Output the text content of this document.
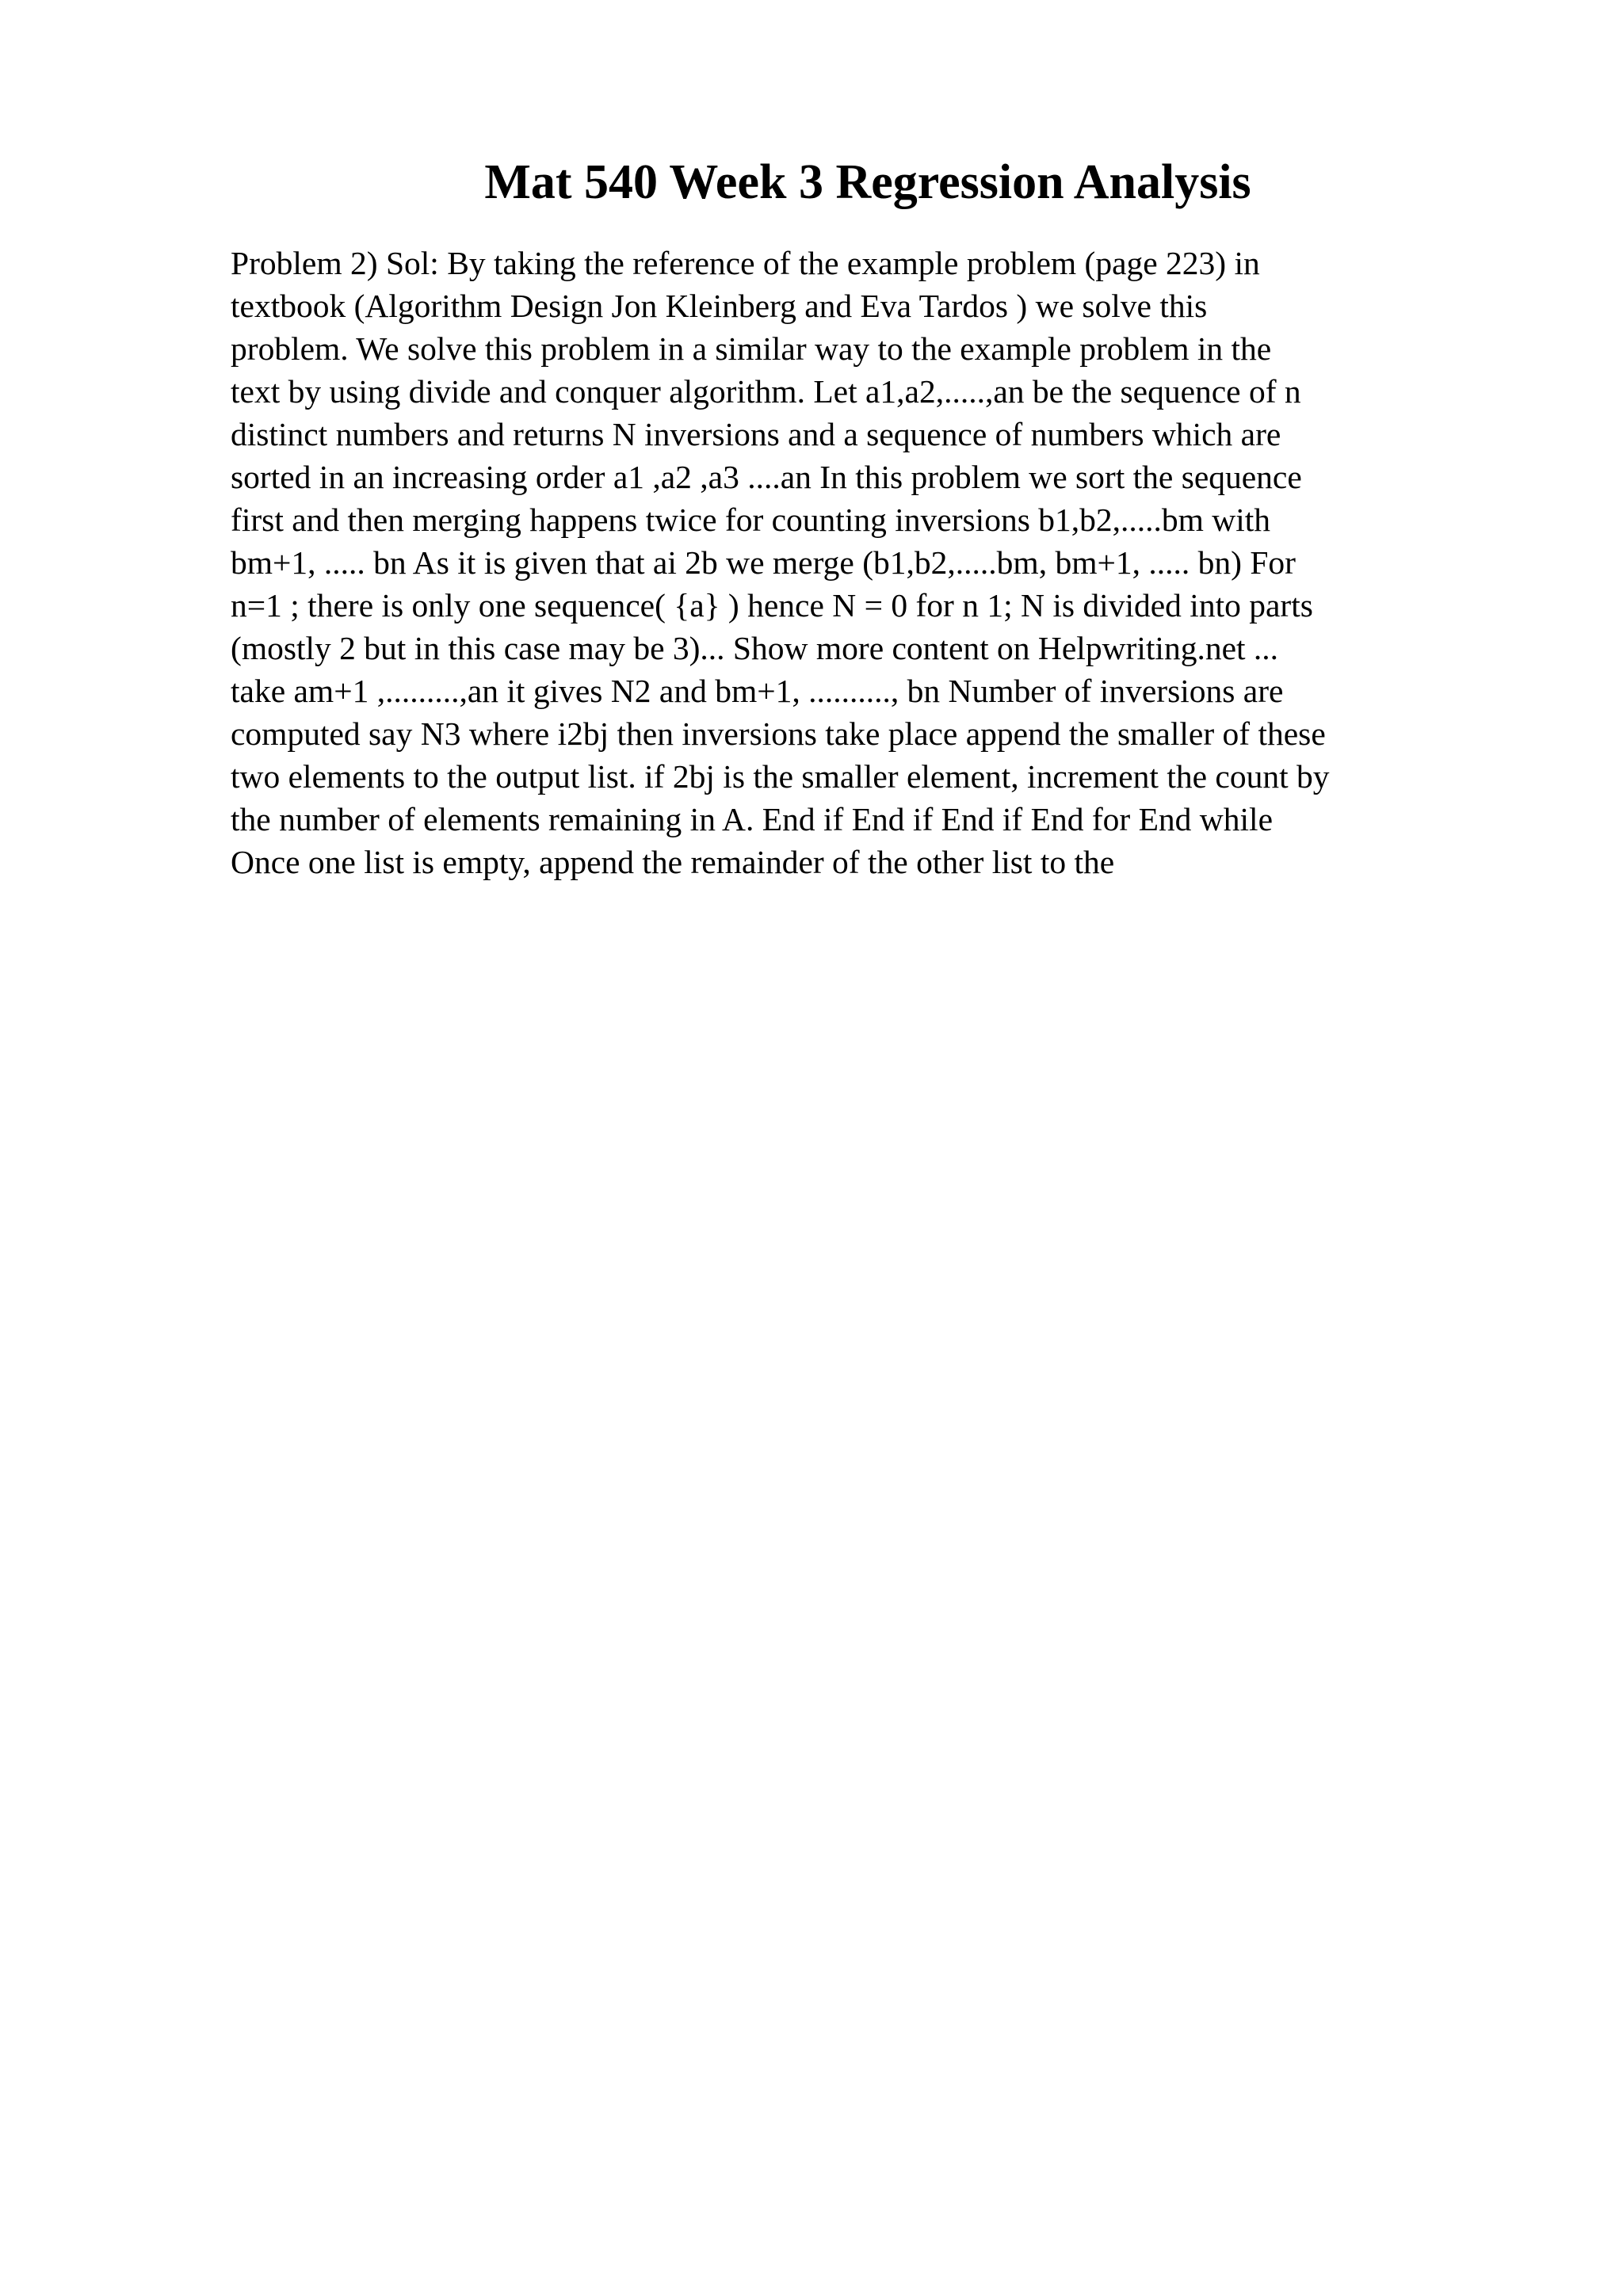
Mat 540 Week 3 Regression Analysis
Problem 2) Sol: By taking the reference of the example problem (page 223) in
textbook (Algorithm Design Jon Kleinberg and Eva Tardos ) we solve this
problem. We solve this problem in a similar way to the example problem in the
text by using divide and conquer algorithm. Let a1,a2,.....,an be the sequence of n
distinct numbers and returns N inversions and a sequence of numbers which are
sorted in an increasing order a1 ,a2 ,a3 ....an In this problem we sort the sequence
first and then merging happens twice for counting inversions b1,b2,.....bm with
bm+1, ..... bn As it is given that ai 2b we merge (b1,b2,.....bm, bm+1, ..... bn) For
n=1 ; there is only one sequence( {a} ) hence N = 0 for n 1; N is divided into parts
(mostly 2 but in this case may be 3)... Show more content on Helpwriting.net ...
take am+1 ,.........,an it gives N2 and bm+1, .........., bn Number of inversions are
computed say N3 where i2bj then inversions take place append the smaller of these
two elements to the output list. if 2bj is the smaller element, increment the count by
the number of elements remaining in A. End if End if End if End for End while
Once one list is empty, append the remainder of the other list to the
